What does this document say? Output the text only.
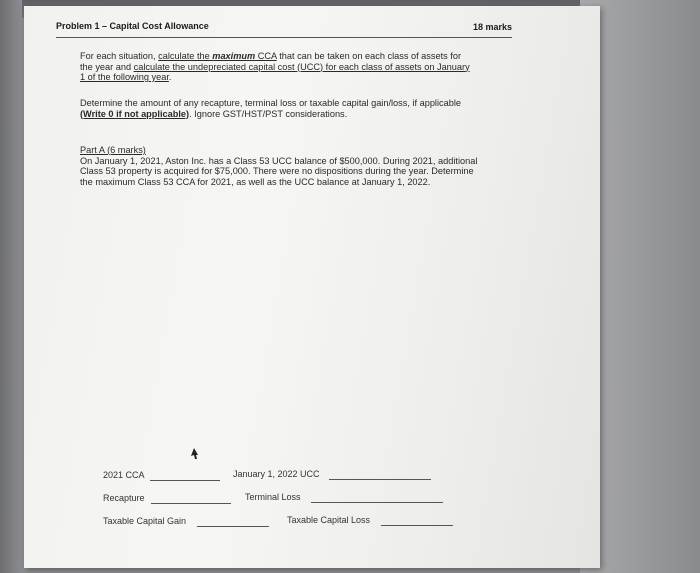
Problem 1 – Capital Cost Allowance	18 marks
For each situation, calculate the maximum CCA that can be taken on each class of assets for
the year and calculate the undepreciated capital cost (UCC) for each class of assets on January
1 of the following year.
Determine the amount of any recapture, terminal loss or taxable capital gain/loss, if applicable
(Write 0 if not applicable). Ignore GST/HST/PST considerations.
Part A (6 marks)
On January 1, 2021, Aston Inc. has a Class 53 UCC balance of $500,000. During 2021, additional
Class 53 property is acquired for $75,000. There were no dispositions during the year. Determine
the maximum Class 53 CCA for 2021, as well as the UCC balance at January 1, 2022.
2021 CCA	January 1, 2022 UCC
Recapture	Terminal Loss
Taxable Capital Gain	Taxable Capital Loss
